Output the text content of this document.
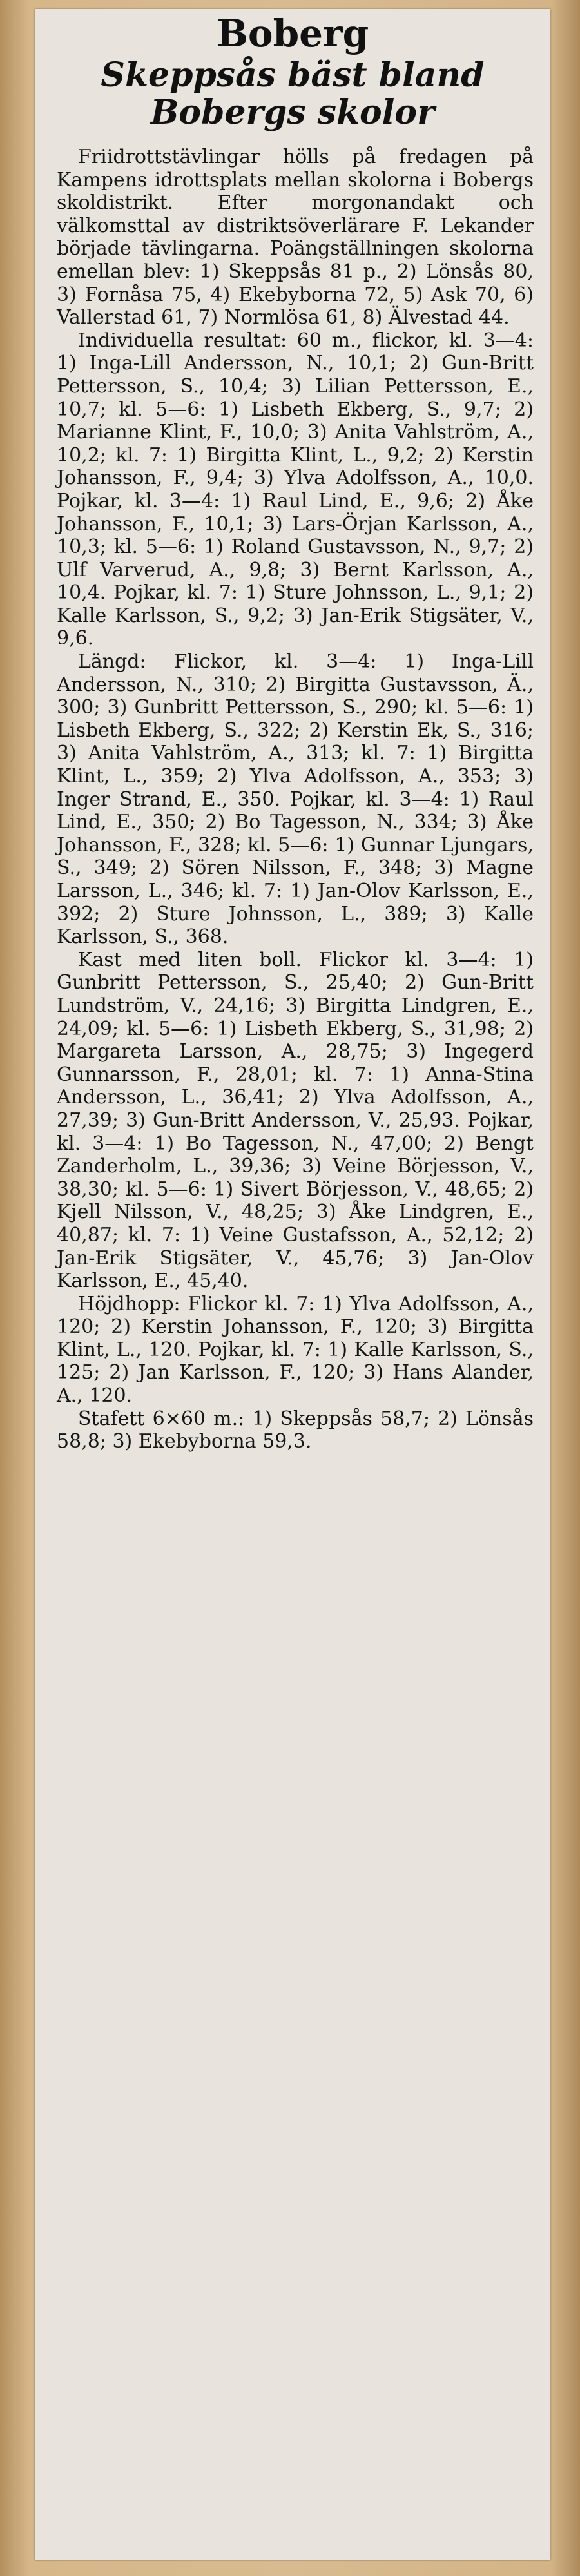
Boberg
Skeppsås bäst bland Bobergs skolor

Friidrottstävlingar hölls på fredagen på Kampens idrottsplats mellan skolorna i Bobergs skoldistrikt. Efter morgonandakt och välkomsttal av distriktsöverlärare F. Lekander började tävlingarna. Poängställningen skolorna emellan blev: 1) Skeppsås 81 p., 2) Lönsås 80, 3) Fornåsa 75, 4) Ekebyborna 72, 5) Ask 70, 6) Vallerstad 61, 7) Normlösa 61, 8) Älvestad 44.

Individuella resultat: 60 m., flickor, kl. 3—4: 1) Inga-Lill Andersson, N., 10,1; 2) Gun-Britt Pettersson, S., 10,4; 3) Lilian Pettersson, E., 10,7; kl. 5—6: 1) Lisbeth Ekberg, S., 9,7; 2) Marianne Klint, F., 10,0; 3) Anita Vahlström, A., 10,2; kl. 7: 1) Birgitta Klint, L., 9,2; 2) Kerstin Johansson, F., 9,4; 3) Ylva Adolfsson, A., 10,0. Pojkar, kl. 3—4: 1) Raul Lind, E., 9,6; 2) Åke Johansson, F., 10,1; 3) Lars-Örjan Karlsson, A., 10,3; kl. 5—6: 1) Roland Gustavsson, N., 9,7; 2) Ulf Varverud, A., 9,8; 3) Bernt Karlsson, A., 10,4. Pojkar, kl. 7: 1) Sture Johnsson, L., 9,1; 2) Kalle Karlsson, S., 9,2; 3) Jan-Erik Stigsäter, V., 9,6.

Längd: Flickor, kl. 3—4: 1) Inga-Lill Andersson, N., 310; 2) Birgitta Gustavsson, Ä., 300; 3) Gunbritt Pettersson, S., 290; kl. 5—6: 1) Lisbeth Ekberg, S., 322; 2) Kerstin Ek, S., 316; 3) Anita Vahlström, A., 313; kl. 7: 1) Birgitta Klint, L., 359; 2) Ylva Adolfsson, A., 353; 3) Inger Strand, E., 350. Pojkar, kl. 3—4: 1) Raul Lind, E., 350; 2) Bo Tagesson, N., 334; 3) Åke Johansson, F., 328; kl. 5—6: 1) Gunnar Ljungars, S., 349; 2) Sören Nilsson, F., 348; 3) Magne Larsson, L., 346; kl. 7: 1) Jan-Olov Karlsson, E., 392; 2) Sture Johnsson, L., 389; 3) Kalle Karlsson, S., 368.

Kast med liten boll. Flickor kl. 3—4: 1) Gunbritt Pettersson, S., 25,40; 2) Gun-Britt Lundström, V., 24,16; 3) Birgitta Lindgren, E., 24,09; kl. 5—6: 1) Lisbeth Ekberg, S., 31,98; 2) Margareta Larsson, A., 28,75; 3) Ingegerd Gunnarsson, F., 28,01; kl. 7: 1) Anna-Stina Andersson, L., 36,41; 2) Ylva Adolfsson, A., 27,39; 3) Gun-Britt Andersson, V., 25,93. Pojkar, kl. 3—4: 1) Bo Tagesson, N., 47,00; 2) Bengt Zanderholm, L., 39,36; 3) Veine Börjesson, V., 38,30; kl. 5—6: 1) Sivert Börjesson, V., 48,65; 2) Kjell Nilsson, V., 48,25; 3) Åke Lindgren, E., 40,87; kl. 7: 1) Veine Gustafsson, A., 52,12; 2) Jan-Erik Stigsäter, V., 45,76; 3) Jan-Olov Karlsson, E., 45,40.

Höjdhopp: Flickor kl. 7: 1) Ylva Adolfsson, A., 120; 2) Kerstin Johansson, F., 120; 3) Birgitta Klint, L., 120. Pojkar, kl. 7: 1) Kalle Karlsson, S., 125; 2) Jan Karlsson, F., 120; 3) Hans Alander, A., 120.

Stafett 6×60 m.: 1) Skeppsås 58,7; 2) Lönsås 58,8; 3) Ekebyborna 59,3.
